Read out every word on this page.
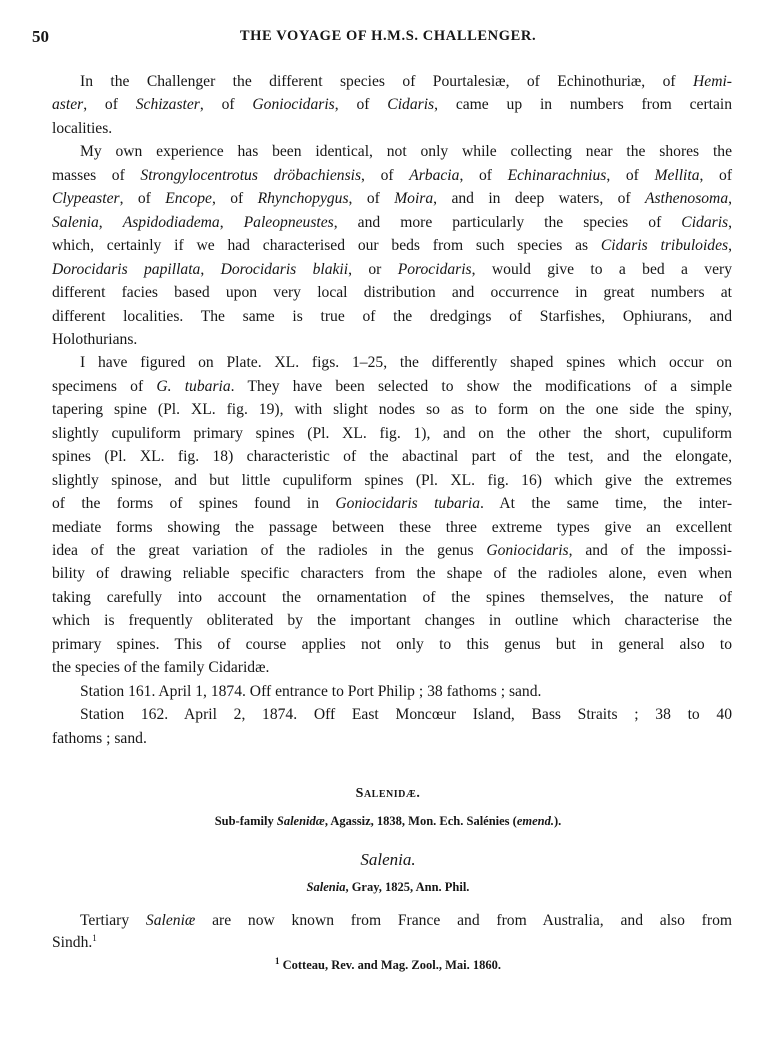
50	THE VOYAGE OF H.M.S. CHALLENGER.
In the Challenger the different species of Pourtalesiæ, of Echinothuriæ, of Hemi-
aster, of Schizaster, of Goniocidaris, of Cidaris, came up in numbers from certain
localities.
My own experience has been identical, not only while collecting near the shores the
masses of Strongylocentrotus dröbachiensis, of Arbacia, of Echinarachnius, of Mellita, of
Clypeaster, of Encope, of Rhynchopygus, of Moira, and in deep waters, of Asthenosoma,
Salenia, Aspidodiadema, Paleopneustes, and more particularly the species of Cidaris,
which, certainly if we had characterised our beds from such species as Cidaris tribuloides,
Dorocidaris papillata, Dorocidaris blakii, or Porocidaris, would give to a bed a very
different facies based upon very local distribution and occurrence in great numbers at
different localities. The same is true of the dredgings of Starfishes, Ophiurans, and
Holothurians.
I have figured on Plate. XL. figs. 1–25, the differently shaped spines which occur on
specimens of G. tubaria. They have been selected to show the modifications of a simple
tapering spine (Pl. XL. fig. 19), with slight nodes so as to form on the one side the spiny,
slightly cupuliform primary spines (Pl. XL. fig. 1), and on the other the short, cupuliform
spines (Pl. XL. fig. 18) characteristic of the abactinal part of the test, and the elongate,
slightly spinose, and but little cupuliform spines (Pl. XL. fig. 16) which give the extremes
of the forms of spines found in Goniocidaris tubaria. At the same time, the inter-
mediate forms showing the passage between these three extreme types give an excellent
idea of the great variation of the radioles in the genus Goniocidaris, and of the impossi-
bility of drawing reliable specific characters from the shape of the radioles alone, even when
taking carefully into account the ornamentation of the spines themselves, the nature of
which is frequently obliterated by the important changes in outline which characterise the
primary spines. This of course applies not only to this genus but in general also to
the species of the family Cidaridæ.
Station 161. April 1, 1874. Off entrance to Port Philip ; 38 fathoms ; sand.
Station 162. April 2, 1874. Off East Moncœur Island, Bass Straits ; 38 to 40
fathoms ; sand.
Salenidæ.
Sub-family Salenidæ, Agassiz, 1838, Mon. Ech. Salénies (emend.).
Salenia.
Salenia, Gray, 1825, Ann. Phil.
Tertiary Saleniæ are now known from France and from Australia, and also from
Sindh.$^1$
$^1$ Cotteau, Rev. and Mag. Zool., Mai. 1860.
